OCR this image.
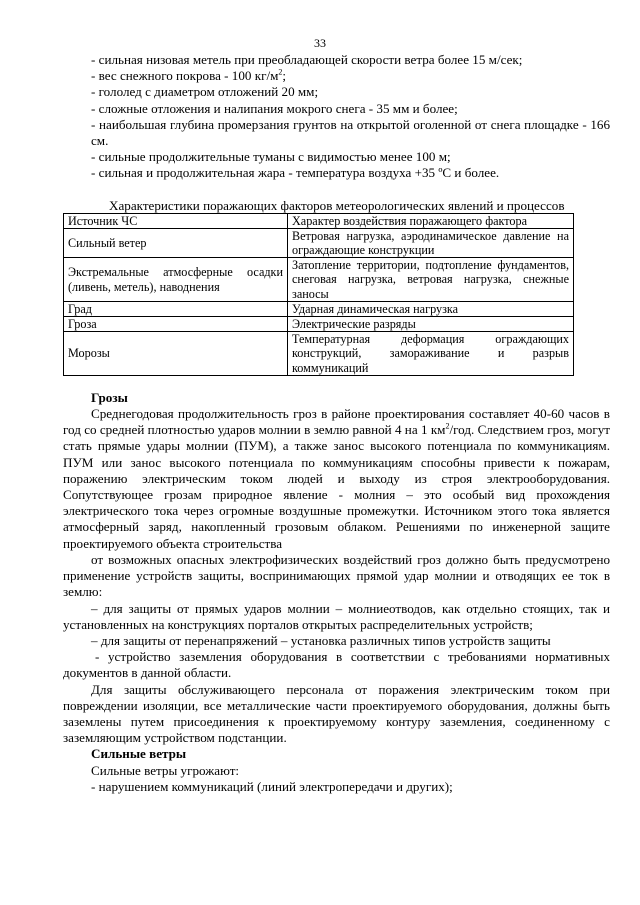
33

- сильная низовая метель при преобладающей скорости ветра более 15 м/сек;

- вес снежного покрова - 100 $кг/м^2$;

- гололед с диаметром отложений 20 мм;

- сложные отложения и налипания мокрого снега - 35 мм и более;

- наибольшая глубина промерзания грунтов на открытой оголенной от снега площадке - 166 см.

- сильные продолжительные туманы с видимостью менее 100 м;

- сильная и продолжительная жара - температура воздуха +35 ºС и более.

Характеристики поражающих факторов метеорологических явлений и процессов
Источник ЧС	Характер воздействия поражающего фактора
Сильный ветер	Ветровая нагрузка, аэродинамическое давление на ограждающие конструкции
Экстремальные атмосферные осадки (ливень, метель), наводнения	Затопление территории, подтопление фундаментов, снеговая нагрузка, ветровая нагрузка, снежные заносы
Град	Ударная динамическая нагрузка
Гроза	Электрические разряды
Морозы	Температурная деформация ограждающих конструкций, замораживание и разрыв коммуникаций

Грозы

Среднегодовая продолжительность гроз в районе проектирования составляет 40-60 часов в год со средней плотностью ударов молнии в землю равной 4 на 1 $км^2$/год. Следствием гроз, могут стать прямые удары молнии (ПУМ), а также занос высокого потенциала по коммуникациям. ПУМ или занос высокого потенциала по коммуникациям способны привести к пожарам, поражению электрическим током людей и выходу из строя электрооборудования. Сопутствующее грозам природное явление - молния – это особый вид прохождения электрического тока через огромные воздушные промежутки. Источником этого тока является атмосферный заряд, накопленный грозовым облаком. Решениями по инженерной защите проектируемого объекта строительства

от возможных опасных электрофизических воздействий гроз должно быть предусмотрено применение устройств защиты, воспринимающих прямой удар молнии и отводящих ее ток в землю:

– для защиты от прямых ударов молнии – молниеотводов, как отдельно стоящих, так и установленных на конструкциях порталов открытых распределительных устройств;

– для защиты от перенапряжений – установка различных типов устройств защиты

- устройство заземления оборудования в соответствии с требованиями нормативных документов в данной области.

Для защиты обслуживающего персонала от поражения электрическим током при повреждении изоляции, все металлические части проектируемого оборудования, должны быть заземлены путем присоединения к проектируемому контуру заземления, соединенному с заземляющим устройством подстанции.

Сильные ветры

Сильные ветры угрожают:

- нарушением коммуникаций (линий электропередачи и других);
